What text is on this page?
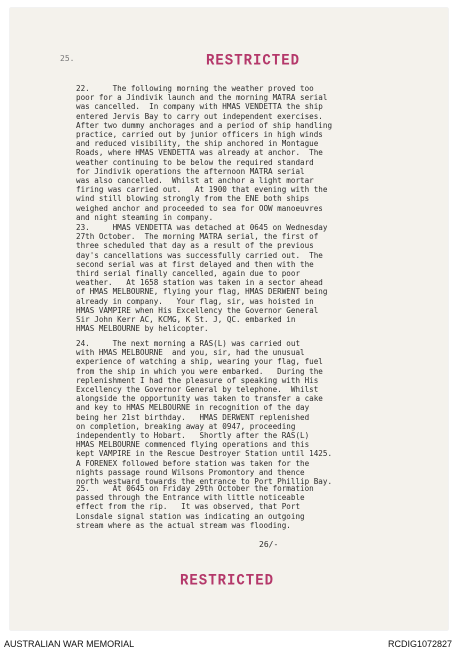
RESTRICTED
25.
22.     The following morning the weather proved too
poor for a Jindivik launch and the morning MATRA serial
was cancelled.  In company with HMAS VENDETTA the ship
entered Jervis Bay to carry out independent exercises.
After two dummy anchorages and a period of ship handling
practice, carried out by junior officers in high winds
and reduced visibility, the ship anchored in Montague
Roads, where HMAS VENDETTA was already at anchor.  The
weather continuing to be below the required standard
for Jindivik operations the afternoon MATRA serial
was also cancelled.  Whilst at anchor a light mortar
firing was carried out.   At 1900 that evening with the
wind still blowing strongly from the ENE both ships
weighed anchor and proceeded to sea for OOW manoeuvres
and night steaming in company.
23.     HMAS VENDETTA was detached at 0645 on Wednesday
27th October.  The morning MATRA serial, the first of
three scheduled that day as a result of the previous
day's cancellations was successfully carried out.  The
second serial was at first delayed and then with the
third serial finally cancelled, again due to poor
weather.   At 1658 station was taken in a sector ahead
of HMAS MELBOURNE, flying your flag, HMAS DERWENT being
already in company.   Your flag, sir, was hoisted in
HMAS VAMPIRE when His Excellency the Governor General
Sir John Kerr AC, KCMG, K St. J, QC. embarked in
HMAS MELBOURNE by helicopter.
24.     The next morning a RAS(L) was carried out
with HMAS MELBOURNE  and you, sir, had the unusual
experience of watching a ship, wearing your flag, fuel
from the ship in which you were embarked.   During the
replenishment I had the pleasure of speaking with His
Excellency the Governor General by telephone.  Whilst
alongside the opportunity was taken to transfer a cake
and key to HMAS MELBOURNE in recognition of the day
being her 21st birthday.   HMAS DERWENT replenished
on completion, breaking away at 0947, proceeding
independently to Hobart.   Shortly after the RAS(L)
HMAS MELBOURNE commenced flying operations and this
kept VAMPIRE in the Rescue Destroyer Station until 1425.
A FORENEX followed before station was taken for the
nights passage round Wilsons Promontory and thence
north westward towards the entrance to Port Phillip Bay.
25.     At 0645 on Friday 29th October the formation
passed through the Entrance with little noticeable
effect from the rip.   It was observed, that Port
Lonsdale signal station was indicating an outgoing
stream where as the actual stream was flooding.
26/-
RESTRICTED
AUSTRALIAN WAR MEMORIAL	RCDIG1072827
